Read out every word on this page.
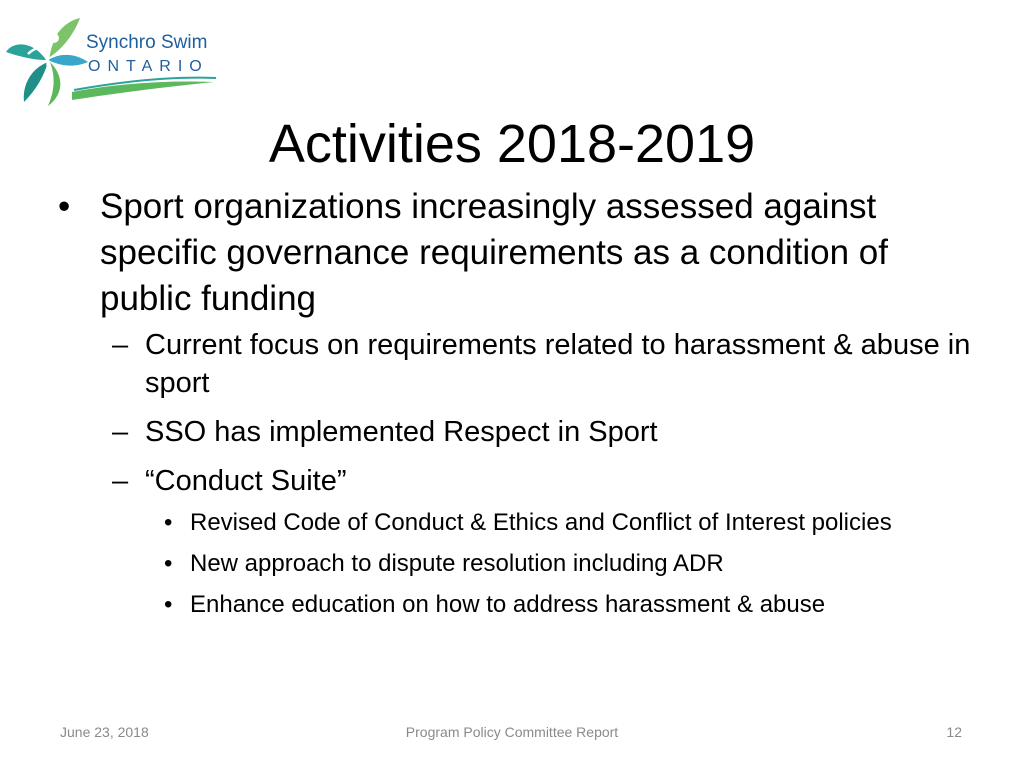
Synchro Swim
ONTARIO
Activities 2018-2019
• Sport organizations increasingly assessed against specific governance requirements as a condition of public funding
– Current focus on requirements related to harassment & abuse in sport
– SSO has implemented Respect in Sport
– “Conduct Suite”
• Revised Code of Conduct & Ethics and Conflict of Interest policies
• New approach to dispute resolution including ADR
• Enhance education on how to address harassment & abuse
June 23, 2018	Program Policy Committee Report	12
